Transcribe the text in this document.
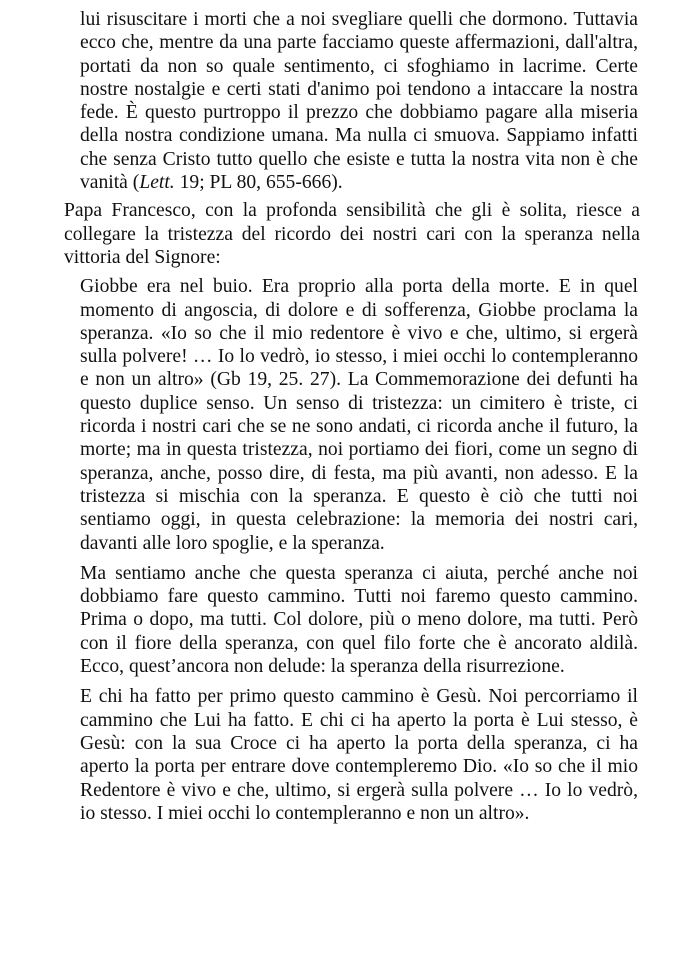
lui risuscitare i morti che a noi svegliare quelli che dormono. Tuttavia ecco che, mentre da una parte facciamo queste affermazioni, dall'altra, portati da non so quale sentimento, ci sfoghiamo in lacrime. Certe nostre nostalgie e certi stati d'animo poi tendono a intaccare la nostra fede. È questo purtroppo il prezzo che dobbiamo pagare alla miseria della nostra condizione umana. Ma nulla ci smuova. Sappiamo infatti che senza Cristo tutto quello che esiste e tutta la nostra vita non è che vanità (Lett. 19; PL 80, 655-666).

Papa Francesco, con la profonda sensibilità che gli è solita, riesce a collegare la tristezza del ricordo dei nostri cari con la speranza nella vittoria del Signore:

Giobbe era nel buio. Era proprio alla porta della morte. E in quel momento di angoscia, di dolore e di sofferenza, Giobbe proclama la speranza. «Io so che il mio redentore è vivo e che, ultimo, si ergerà sulla polvere! … Io lo vedrò, io stesso, i miei occhi lo contempleranno e non un altro» (Gb 19, 25. 27). La Commemorazione dei defunti ha questo duplice senso. Un senso di tristezza: un cimitero è triste, ci ricorda i nostri cari che se ne sono andati, ci ricorda anche il futuro, la morte; ma in questa tristezza, noi portiamo dei fiori, come un segno di speranza, anche, posso dire, di festa, ma più avanti, non adesso. E la tristezza si mischia con la speranza. E questo è ciò che tutti noi sentiamo oggi, in questa celebrazione: la memoria dei nostri cari, davanti alle loro spoglie, e la speranza.

Ma sentiamo anche che questa speranza ci aiuta, perché anche noi dobbiamo fare questo cammino. Tutti noi faremo questo cammino. Prima o dopo, ma tutti. Col dolore, più o meno dolore, ma tutti. Però con il fiore della speranza, con quel filo forte che è ancorato aldilà. Ecco, quest’ancora non delude: la speranza della risurrezione.

E chi ha fatto per primo questo cammino è Gesù. Noi percorriamo il cammino che Lui ha fatto. E chi ci ha aperto la porta è Lui stesso, è Gesù: con la sua Croce ci ha aperto la porta della speranza, ci ha aperto la porta per entrare dove contempleremo Dio. «Io so che il mio Redentore è vivo e che, ultimo, si ergerà sulla polvere … Io lo vedrò, io stesso. I miei occhi lo contempleranno e non un altro».
